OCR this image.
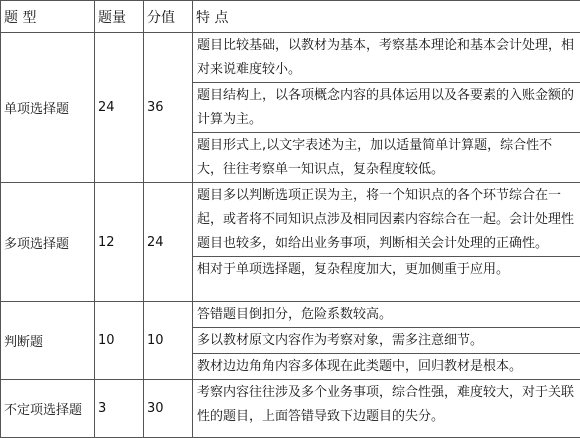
题 型	题量	分值	特 点
单项选择题	24	36	题目比较基础，以教材为基本，考察基本理论和基本会计处理，相对来说难度较小。
题目结构上，以各项概念内容的具体运用以及各要素的入账金额的计算为主。
题目形式上,以文字表述为主，加以适量简单计算题，综合性不大，往往考察单一知识点，复杂程度较低。

多项选择题	12	24	题目多以判断选项正误为主，将一个知识点的各个环节综合在一起，或者将不同知识点涉及相同因素内容综合在一起。会计处理性题目也较多，如给出业务事项，判断相关会计处理的正确性。
相对于单项选择题，复杂程度加大，更加侧重于应用。

判断题	10	10	答错题目倒扣分，危险系数较高。
多以教材原文内容作为考察对象，需多注意细节。
教材边边角角内容多体现在此类题中，回归教材是根本。

不定项选择题	3	30	考察内容往往涉及多个业务事项，综合性强，难度较大，对于关联性的题目，上面答错导致下边题目的失分。
